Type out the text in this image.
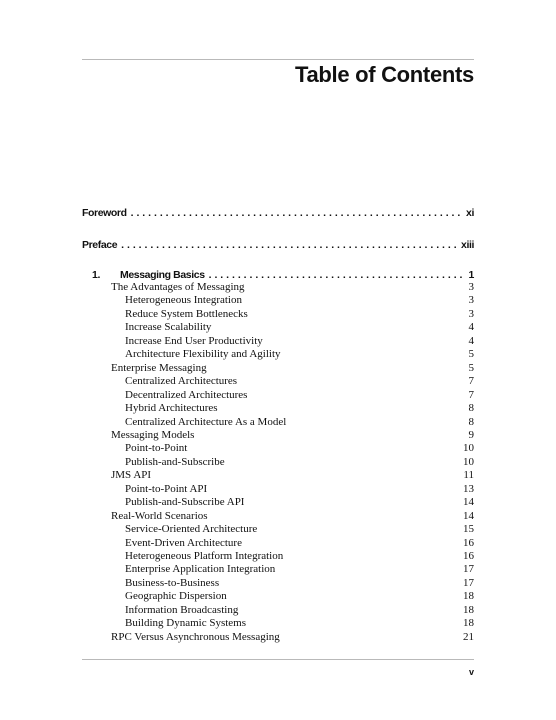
Table of Contents
Foreword . . .	xi
Preface . . .	xiii
1.	Messaging Basics . . .	1
The Advantages of Messaging	3
Heterogeneous Integration	3
Reduce System Bottlenecks	3
Increase Scalability	4
Increase End User Productivity	4
Architecture Flexibility and Agility	5
Enterprise Messaging	5
Centralized Architectures	7
Decentralized Architectures	7
Hybrid Architectures	8
Centralized Architecture As a Model	8
Messaging Models	9
Point-to-Point	10
Publish-and-Subscribe	10
JMS API	11
Point-to-Point API	13
Publish-and-Subscribe API	14
Real-World Scenarios	14
Service-Oriented Architecture	15
Event-Driven Architecture	16
Heterogeneous Platform Integration	16
Enterprise Application Integration	17
Business-to-Business	17
Geographic Dispersion	18
Information Broadcasting	18
Building Dynamic Systems	18
RPC Versus Asynchronous Messaging	21
v
